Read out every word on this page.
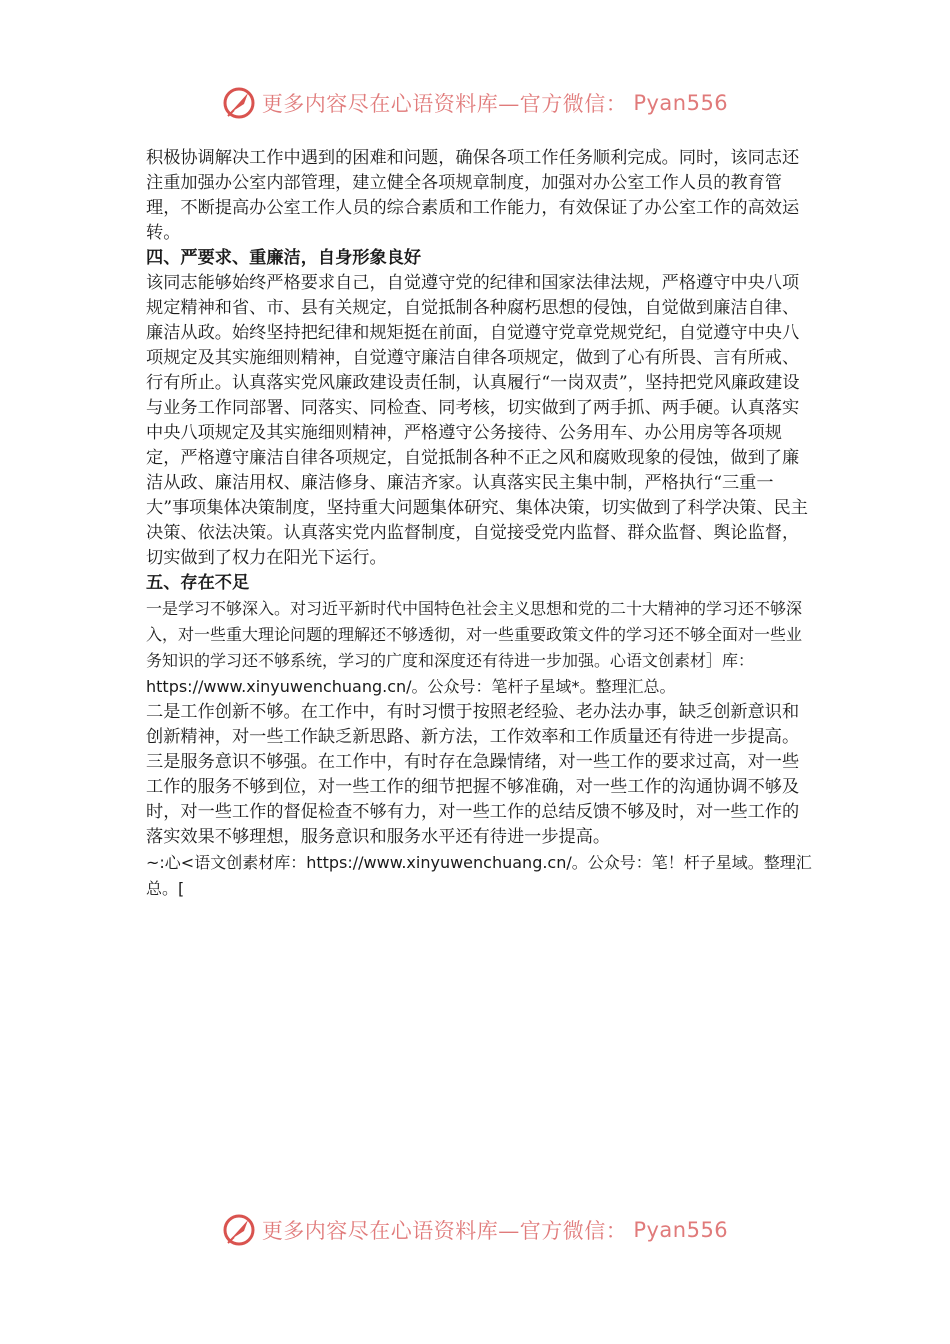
更多内容尽在心语资料库—官方微信： Pyan556

积极协调解决工作中遇到的困难和问题，确保各项工作任务顺利完成。同时，该同志还注重加强办公室内部管理，建立健全各项规章制度，加强对办公室工作人员的教育管理，不断提高办公室工作人员的综合素质和工作能力，有效保证了办公室工作的高效运转。

四、严要求、重廉洁，自身形象良好

该同志能够始终严格要求自己，自觉遵守党的纪律和国家法律法规，严格遵守中央八项规定精神和省、市、县有关规定，自觉抵制各种腐朽思想的侵蚀，自觉做到廉洁自律、廉洁从政。始终坚持把纪律和规矩挺在前面，自觉遵守党章党规党纪，自觉遵守中央八项规定及其实施细则精神，自觉遵守廉洁自律各项规定，做到了心有所畏、言有所戒、行有所止。认真落实党风廉政建设责任制，认真履行“一岗双责”，坚持把党风廉政建设与业务工作同部署、同落实、同检查、同考核，切实做到了两手抓、两手硬。认真落实中央八项规定及其实施细则精神，严格遵守公务接待、公务用车、办公用房等各项规定，严格遵守廉洁自律各项规定，自觉抵制各种不正之风和腐败现象的侵蚀，做到了廉洁从政、廉洁用权、廉洁修身、廉洁齐家。认真落实民主集中制，严格执行“三重一大”事项集体决策制度，坚持重大问题集体研究、集体决策，切实做到了科学决策、民主决策、依法决策。认真落实党内监督制度，自觉接受党内监督、群众监督、舆论监督，切实做到了权力在阳光下运行。

五、存在不足

一是学习不够深入。对习近平新时代中国特色社会主义思想和党的二十大精神的学习还不够深入，对一些重大理论问题的理解还不够透彻，对一些重要政策文件的学习还不够全面对一些业务知识的学习还不够系统，学习的广度和深度还有待进一步加强。心语文创素材］库：https://www.xinyuwenchuang.cn/。公众号：笔杆子星域*。整理汇总。

二是工作创新不够。在工作中，有时习惯于按照老经验、老办法办事，缺乏创新意识和创新精神，对一些工作缺乏新思路、新方法，工作效率和工作质量还有待进一步提高。

三是服务意识不够强。在工作中，有时存在急躁情绪，对一些工作的要求过高，对一些工作的服务不够到位，对一些工作的细节把握不够准确，对一些工作的沟通协调不够及时，对一些工作的督促检查不够有力，对一些工作的总结反馈不够及时，对一些工作的落实效果不够理想，服务意识和服务水平还有待进一步提高。

~:心<语文创素材库：https://www.xinyuwenchuang.cn/。公众号：笔！杆子星域。整理汇总。[

更多内容尽在心语资料库—官方微信： Pyan556
